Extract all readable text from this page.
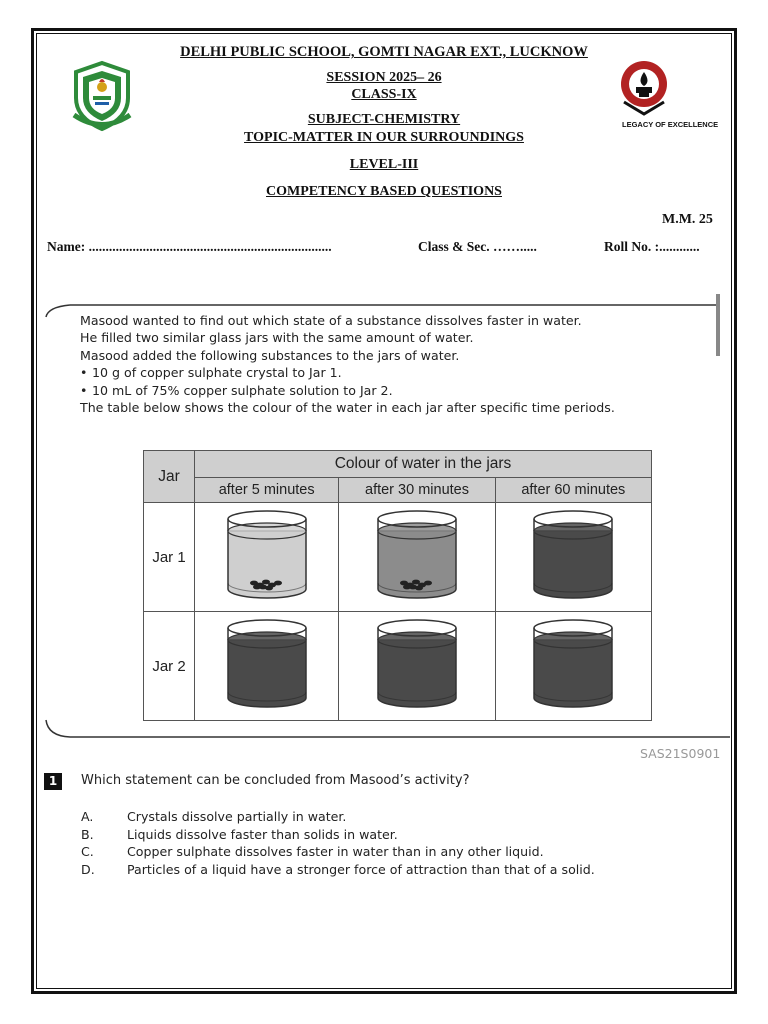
LEGACY OF EXCELLENCE
DELHI PUBLIC SCHOOL, GOMTI NAGAR EXT., LUCKNOW
SESSION 2025– 26
CLASS-IX
SUBJECT-CHEMISTRY
TOPIC-MATTER IN OUR SURROUNDINGS
LEVEL-III
COMPETENCY BASED QUESTIONS
M.M. 25
Name: ........................................................................	Class & Sec. …….....	Roll No. :............
Masood wanted to find out which state of a substance dissolves faster in water.
He filled two similar glass jars with the same amount of water.
Masood added the following substances to the jars of water.
• 10 g of copper sulphate crystal to Jar 1.
• 10 mL of 75% copper sulphate solution to Jar 2.
The table below shows the colour of the water in each jar after specific time periods.
Jar	Colour of water in the jars		
	after 5 minutes	after 30 minutes	after 60 minutes
Jar 1			
Jar 2			
SAS21S0901
1	Which statement can be concluded from Masood’s activity?
A.	Crystals dissolve partially in water.
B.	Liquids dissolve faster than solids in water.
C.	Copper sulphate dissolves faster in water than in any other liquid.
D.	Particles of a liquid have a stronger force of attraction than that of a solid.
